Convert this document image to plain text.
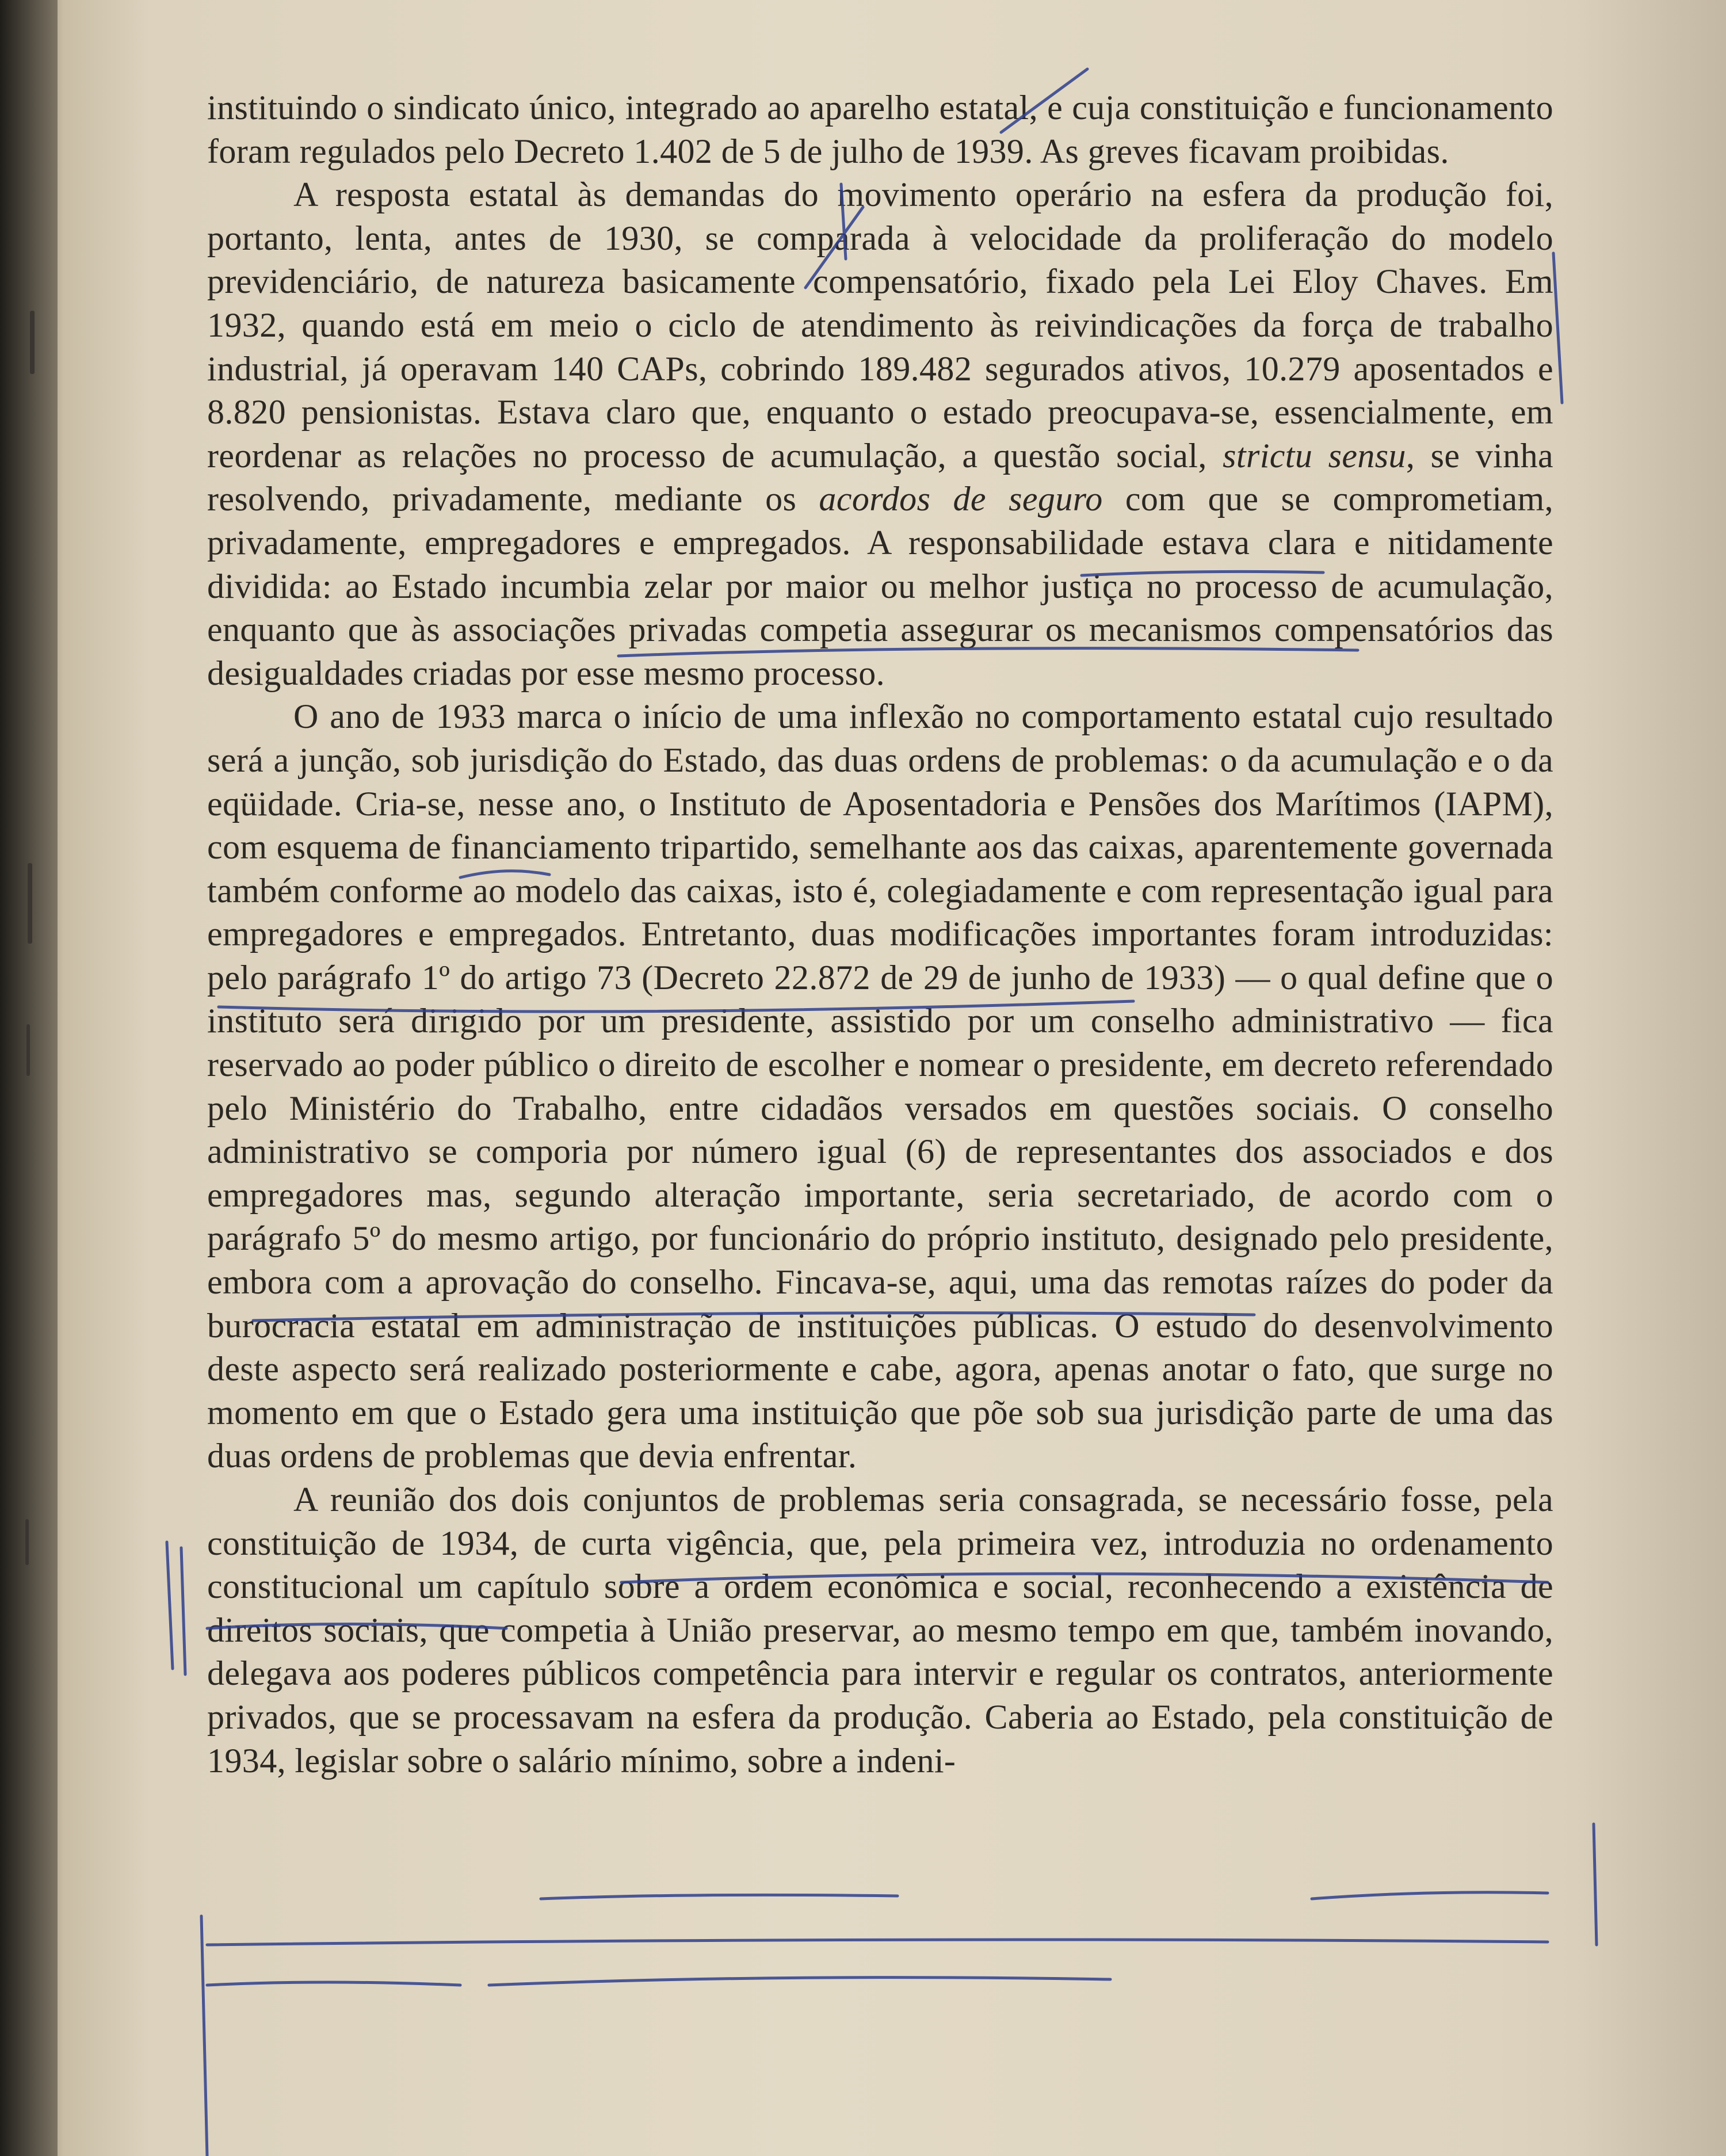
instituindo o sindicato único, integrado ao aparelho estatal, e cuja constituição e funcionamento foram regulados pelo Decreto 1.402 de 5 de julho de 1939. As greves ficavam proibidas.

A resposta estatal às demandas do movimento operário na esfera da produção foi, portanto, lenta, antes de 1930, se comparada à velocidade da proliferação do modelo previdenciário, de natureza basicamente compensatório, fixado pela Lei Eloy Chaves. Em 1932, quando está em meio o ciclo de atendimento às reivindicações da força de trabalho industrial, já operavam 140 CAPs, cobrindo 189.482 segurados ativos, 10.279 aposentados e 8.820 pensionistas. Estava claro que, enquanto o estado preocupava-se, essencialmente, em reordenar as relações no processo de acumulação, a questão social, strictu sensu, se vinha resolvendo, privadamente, mediante os acordos de seguro com que se comprometiam, privadamente, empregadores e empregados. A responsabilidade estava clara e nitidamente dividida: ao Estado incumbia zelar por maior ou melhor justiça no processo de acumulação, enquanto que às associações privadas competia assegurar os mecanismos compensatórios das desigualdades criadas por esse mesmo processo.

O ano de 1933 marca o início de uma inflexão no comportamento estatal cujo resultado será a junção, sob jurisdição do Estado, das duas ordens de problemas: o da acumulação e o da eqüidade. Cria-se, nesse ano, o Instituto de Aposentadoria e Pensões dos Marítimos (IAPM), com esquema de financiamento tripartido, semelhante aos das caixas, aparentemente governada também conforme ao modelo das caixas, isto é, colegiadamente e com representação igual para empregadores e empregados. Entretanto, duas modificações importantes foram introduzidas: pelo parágrafo 1º do artigo 73 (Decreto 22.872 de 29 de junho de 1933) — o qual define que o instituto será dirigido por um presidente, assistido por um conselho administrativo — fica reservado ao poder público o direito de escolher e nomear o presidente, em decreto referendado pelo Ministério do Trabalho, entre cidadãos versados em questões sociais. O conselho administrativo se comporia por número igual (6) de representantes dos associados e dos empregadores mas, segundo alteração importante, seria secretariado, de acordo com o parágrafo 5º do mesmo artigo, por funcionário do próprio instituto, designado pelo presidente, embora com a aprovação do conselho. Fincava-se, aqui, uma das remotas raízes do poder da burocracia estatal em administração de instituições públicas. O estudo do desenvolvimento deste aspecto será realizado posteriormente e cabe, agora, apenas anotar o fato, que surge no momento em que o Estado gera uma instituição que põe sob sua jurisdição parte de uma das duas ordens de problemas que devia enfrentar.

A reunião dos dois conjuntos de problemas seria consagrada, se necessário fosse, pela constituição de 1934, de curta vigência, que, pela primeira vez, introduzia no ordenamento constitucional um capítulo sobre a ordem econômica e social, reconhecendo a existência de direitos sociais, que competia à União preservar, ao mesmo tempo em que, também inovando, delegava aos poderes públicos competência para intervir e regular os contratos, anteriormente privados, que se processavam na esfera da produção. Caberia ao Estado, pela constituição de 1934, legislar sobre o salário mínimo, sobre a indeni-
